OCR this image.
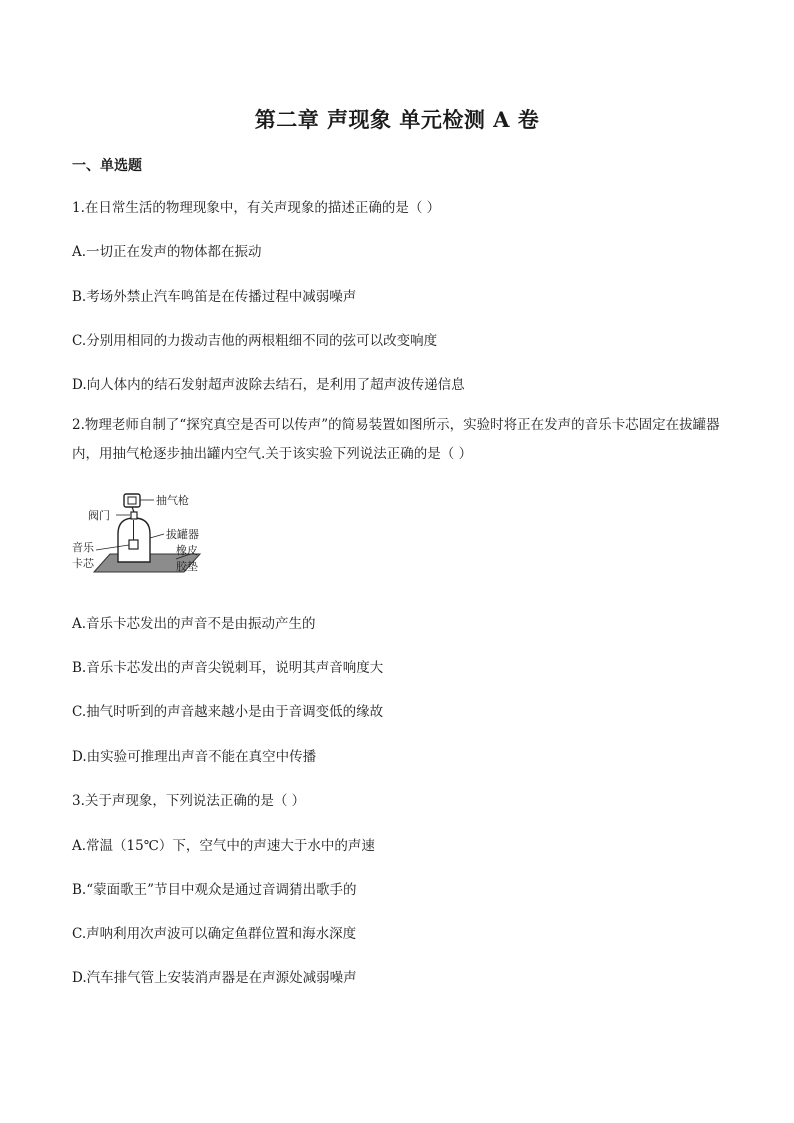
第二章 声现象 单元检测 A 卷
一、单选题
1.在日常生活的物理现象中，有关声现象的描述正确的是（ ）
A.一切正在发声的物体都在振动
B.考场外禁止汽车鸣笛是在传播过程中减弱噪声
C.分别用相同的力拨动吉他的两根粗细不同的弦可以改变响度
D.向人体内的结石发射超声波除去结石，是利用了超声波传递信息
2.物理老师自制了“探究真空是否可以传声”的简易装置如图所示，实验时将正在发声的音乐卡芯固定在拔罐器内，用抽气枪逐步抽出罐内空气.关于该实验下列说法正确的是（ ）
抽气枪
阀门
拔罐器
音乐
卡芯
橡皮
胶垫
A.音乐卡芯发出的声音不是由振动产生的
B.音乐卡芯发出的声音尖锐刺耳，说明其声音响度大
C.抽气时听到的声音越来越小是由于音调变低的缘故
D.由实验可推理出声音不能在真空中传播
3.关于声现象，下列说法正确的是（ ）
A.常温（15℃）下，空气中的声速大于水中的声速
B.“蒙面歌王”节目中观众是通过音调猜出歌手的
C.声呐利用次声波可以确定鱼群位置和海水深度
D.汽车排气管上安装消声器是在声源处减弱噪声
